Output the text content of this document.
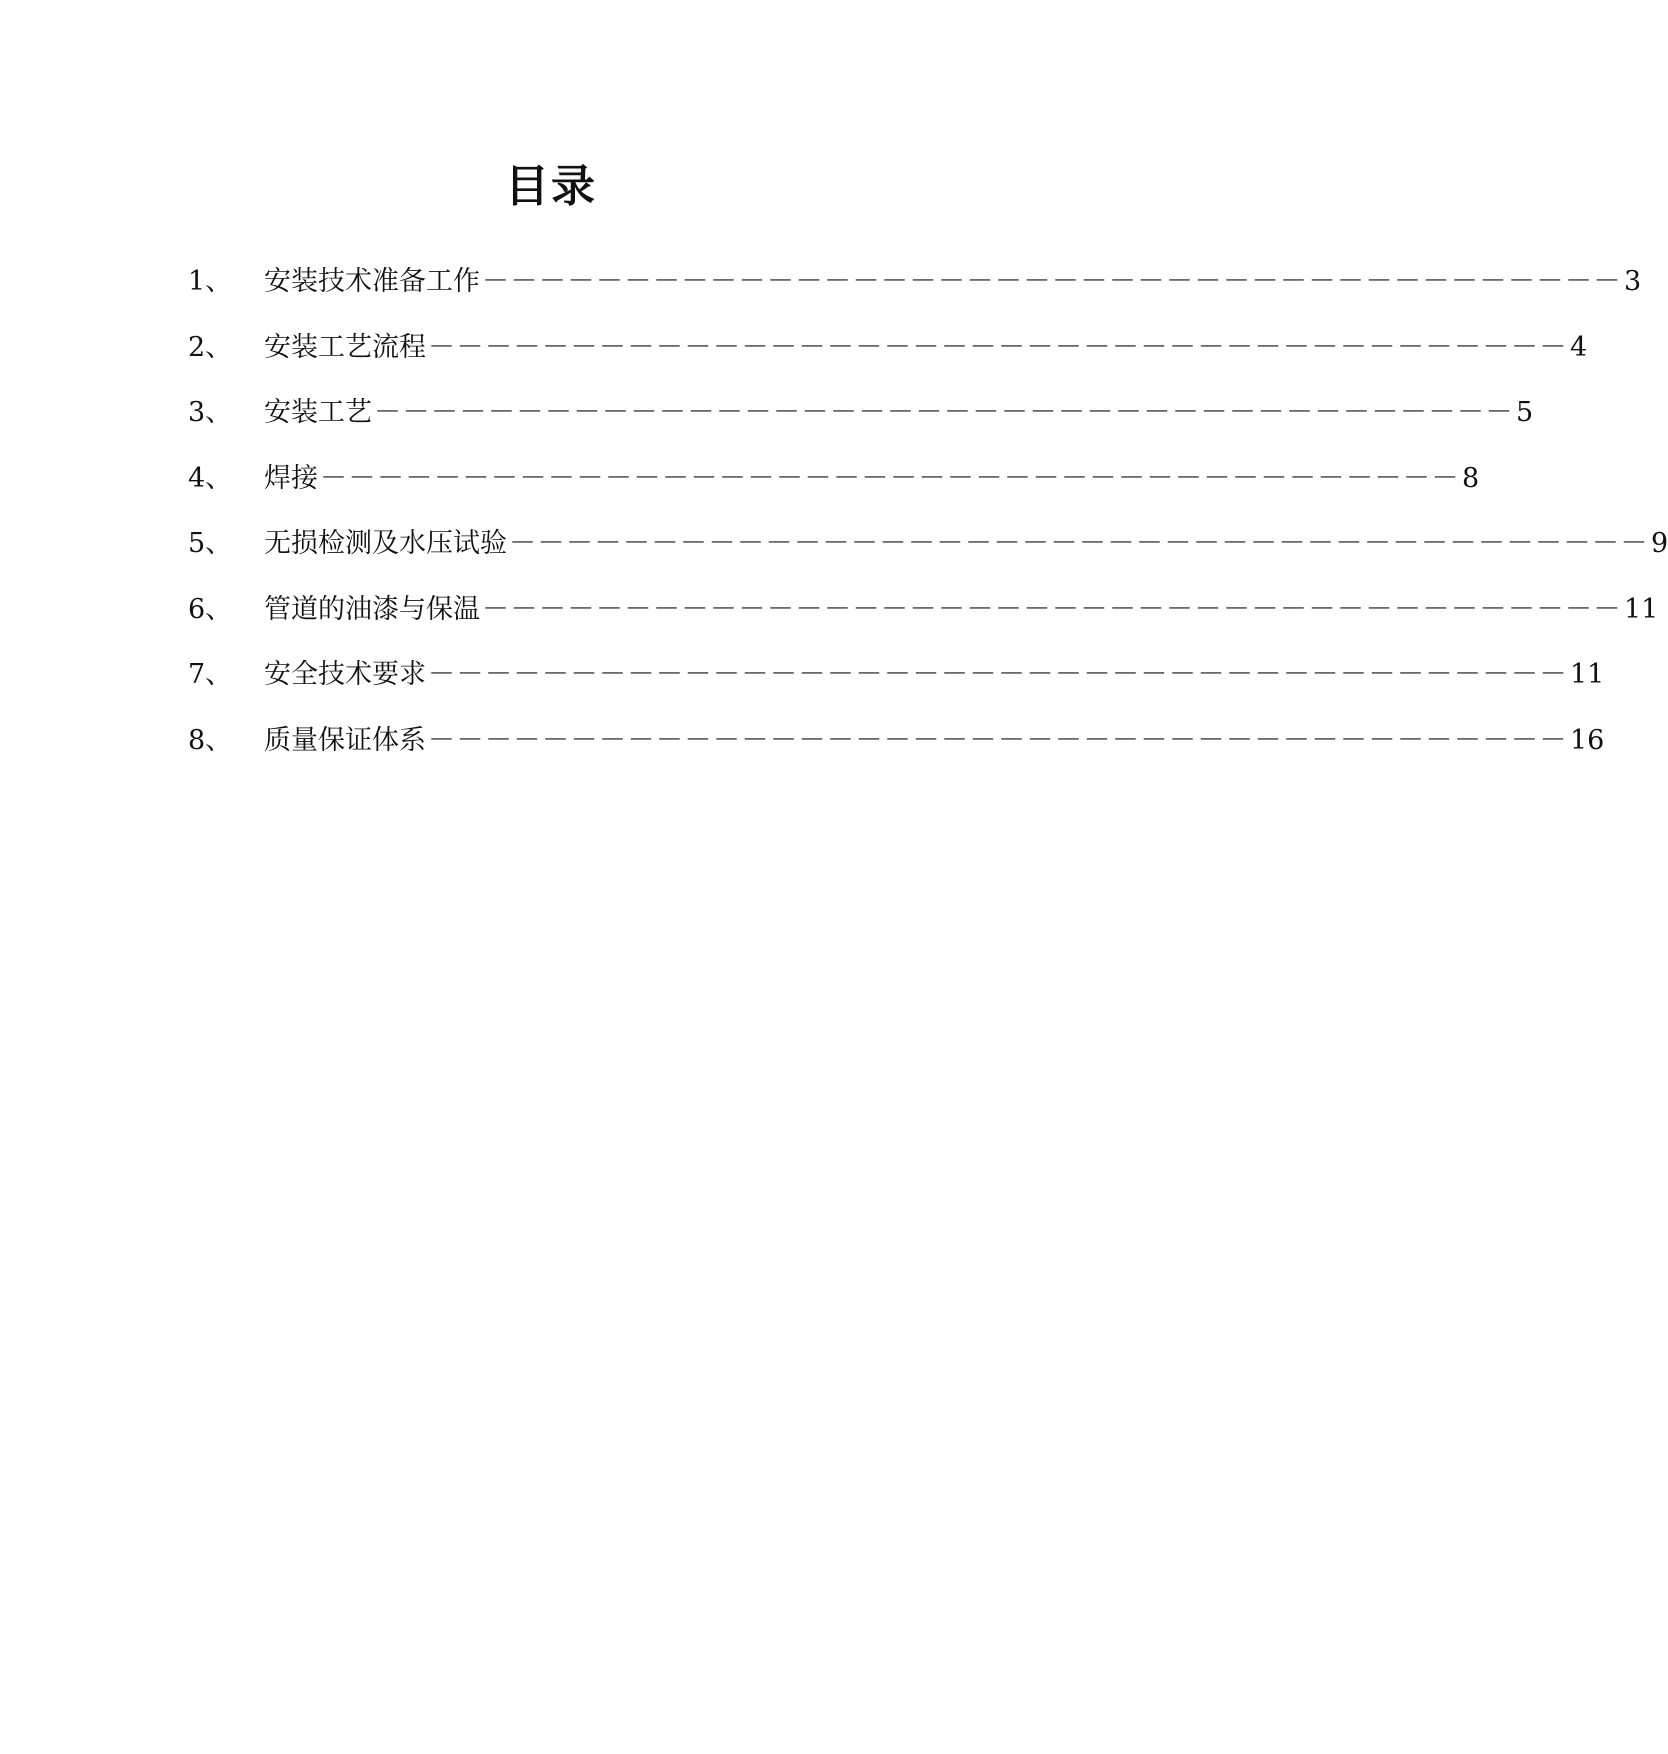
目录
1、	安装技术准备工作 －－－－－－－－－－－－－－－－－－－－－－－－－－－－－－－－－－－－－－－－ 3
2、	安装工艺流程 －－－－－－－－－－－－－－－－－－－－－－－－－－－－－－－－－－－－－－－－ 4
3、	安装工艺 －－－－－－－－－－－－－－－－－－－－－－－－－－－－－－－－－－－－－－－－ 5
4、	焊接 －－－－－－－－－－－－－－－－－－－－－－－－－－－－－－－－－－－－－－－－ 8
5、	无损检测及水压试验 －－－－－－－－－－－－－－－－－－－－－－－－－－－－－－－－－－－－－－－－ 9
6、	管道的油漆与保温 －－－－－－－－－－－－－－－－－－－－－－－－－－－－－－－－－－－－－－－－ 11
7、	安全技术要求 －－－－－－－－－－－－－－－－－－－－－－－－－－－－－－－－－－－－－－－－ 11
8、	质量保证体系 －－－－－－－－－－－－－－－－－－－－－－－－－－－－－－－－－－－－－－－－ 16
